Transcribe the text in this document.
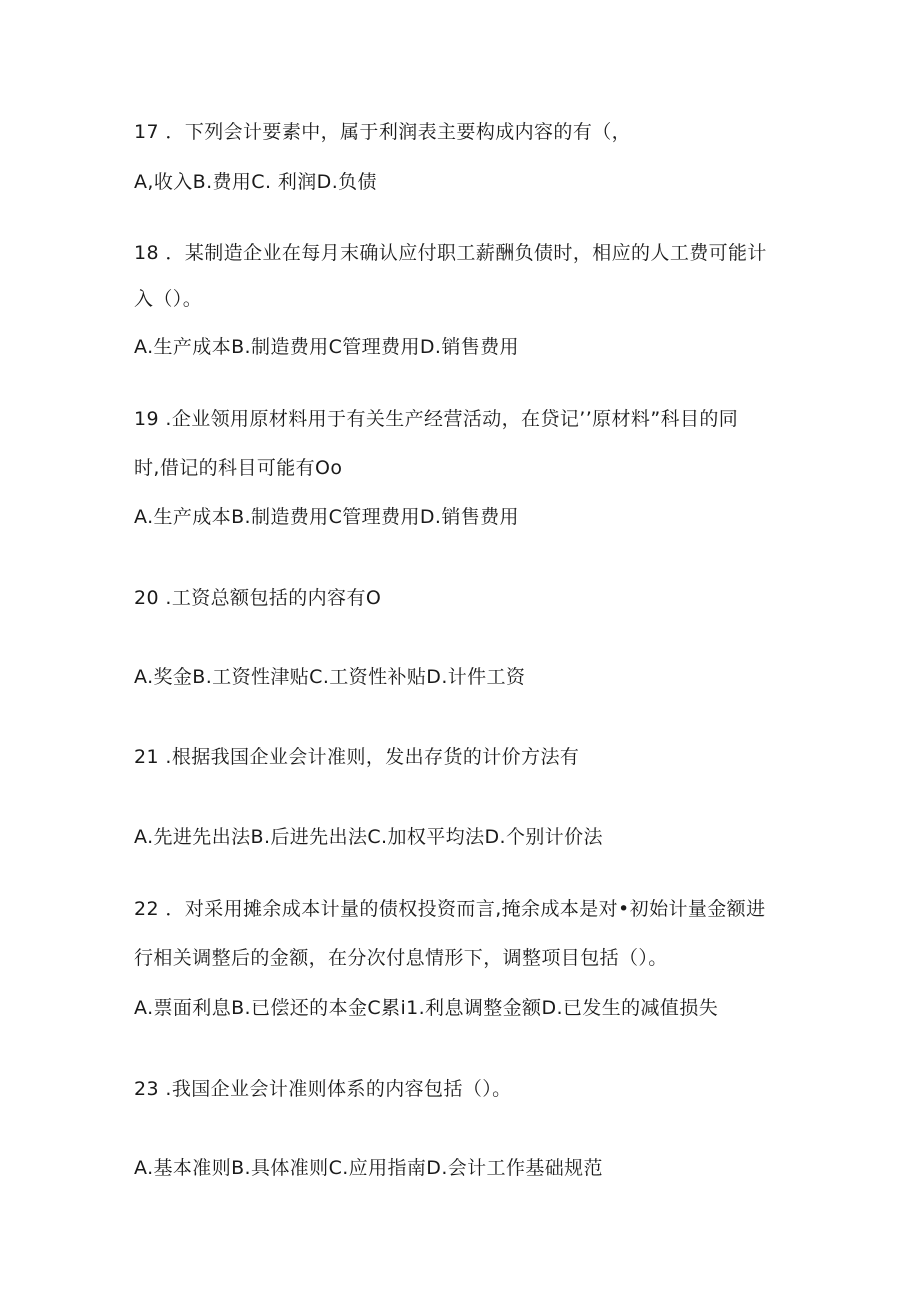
17 ．下列会计要素中，属于利润表主要构成内容的有（，
A,收入B.费用C. 利润D.负债
18 ．某制造企业在每月末确认应付职工薪酬负债时，相应的人工费可能计
入（）。
A.生产成本B.制造费用C管理费用D.销售费用
19 .企业领用原材料用于有关生产经营活动，在贷记’’原材料”科目的同
时,借记的科目可能有Oo
A.生产成本B.制造费用C管理费用D.销售费用
20 .工资总额包括的内容有O
A.奖金B.工资性津贴C.工资性补贴D.计件工资
21 .根据我国企业会计准则，发出存货的计价方法有
A.先进先出法B.后进先出法C.加权平均法D.个别计价法
22 ．对采用摊余成本计量的债权投资而言,掩余成本是对•初始计量金额进
行相关调整后的金额，在分次付息情形下，调整项目包括（）。
A.票面利息B.已偿还的本金C累i1.利息调整金额D.已发生的减值损失
23 .我国企业会计准则体系的内容包括（）。
A.基本准则B.具体准则C.应用指南D.会计工作基础规范
